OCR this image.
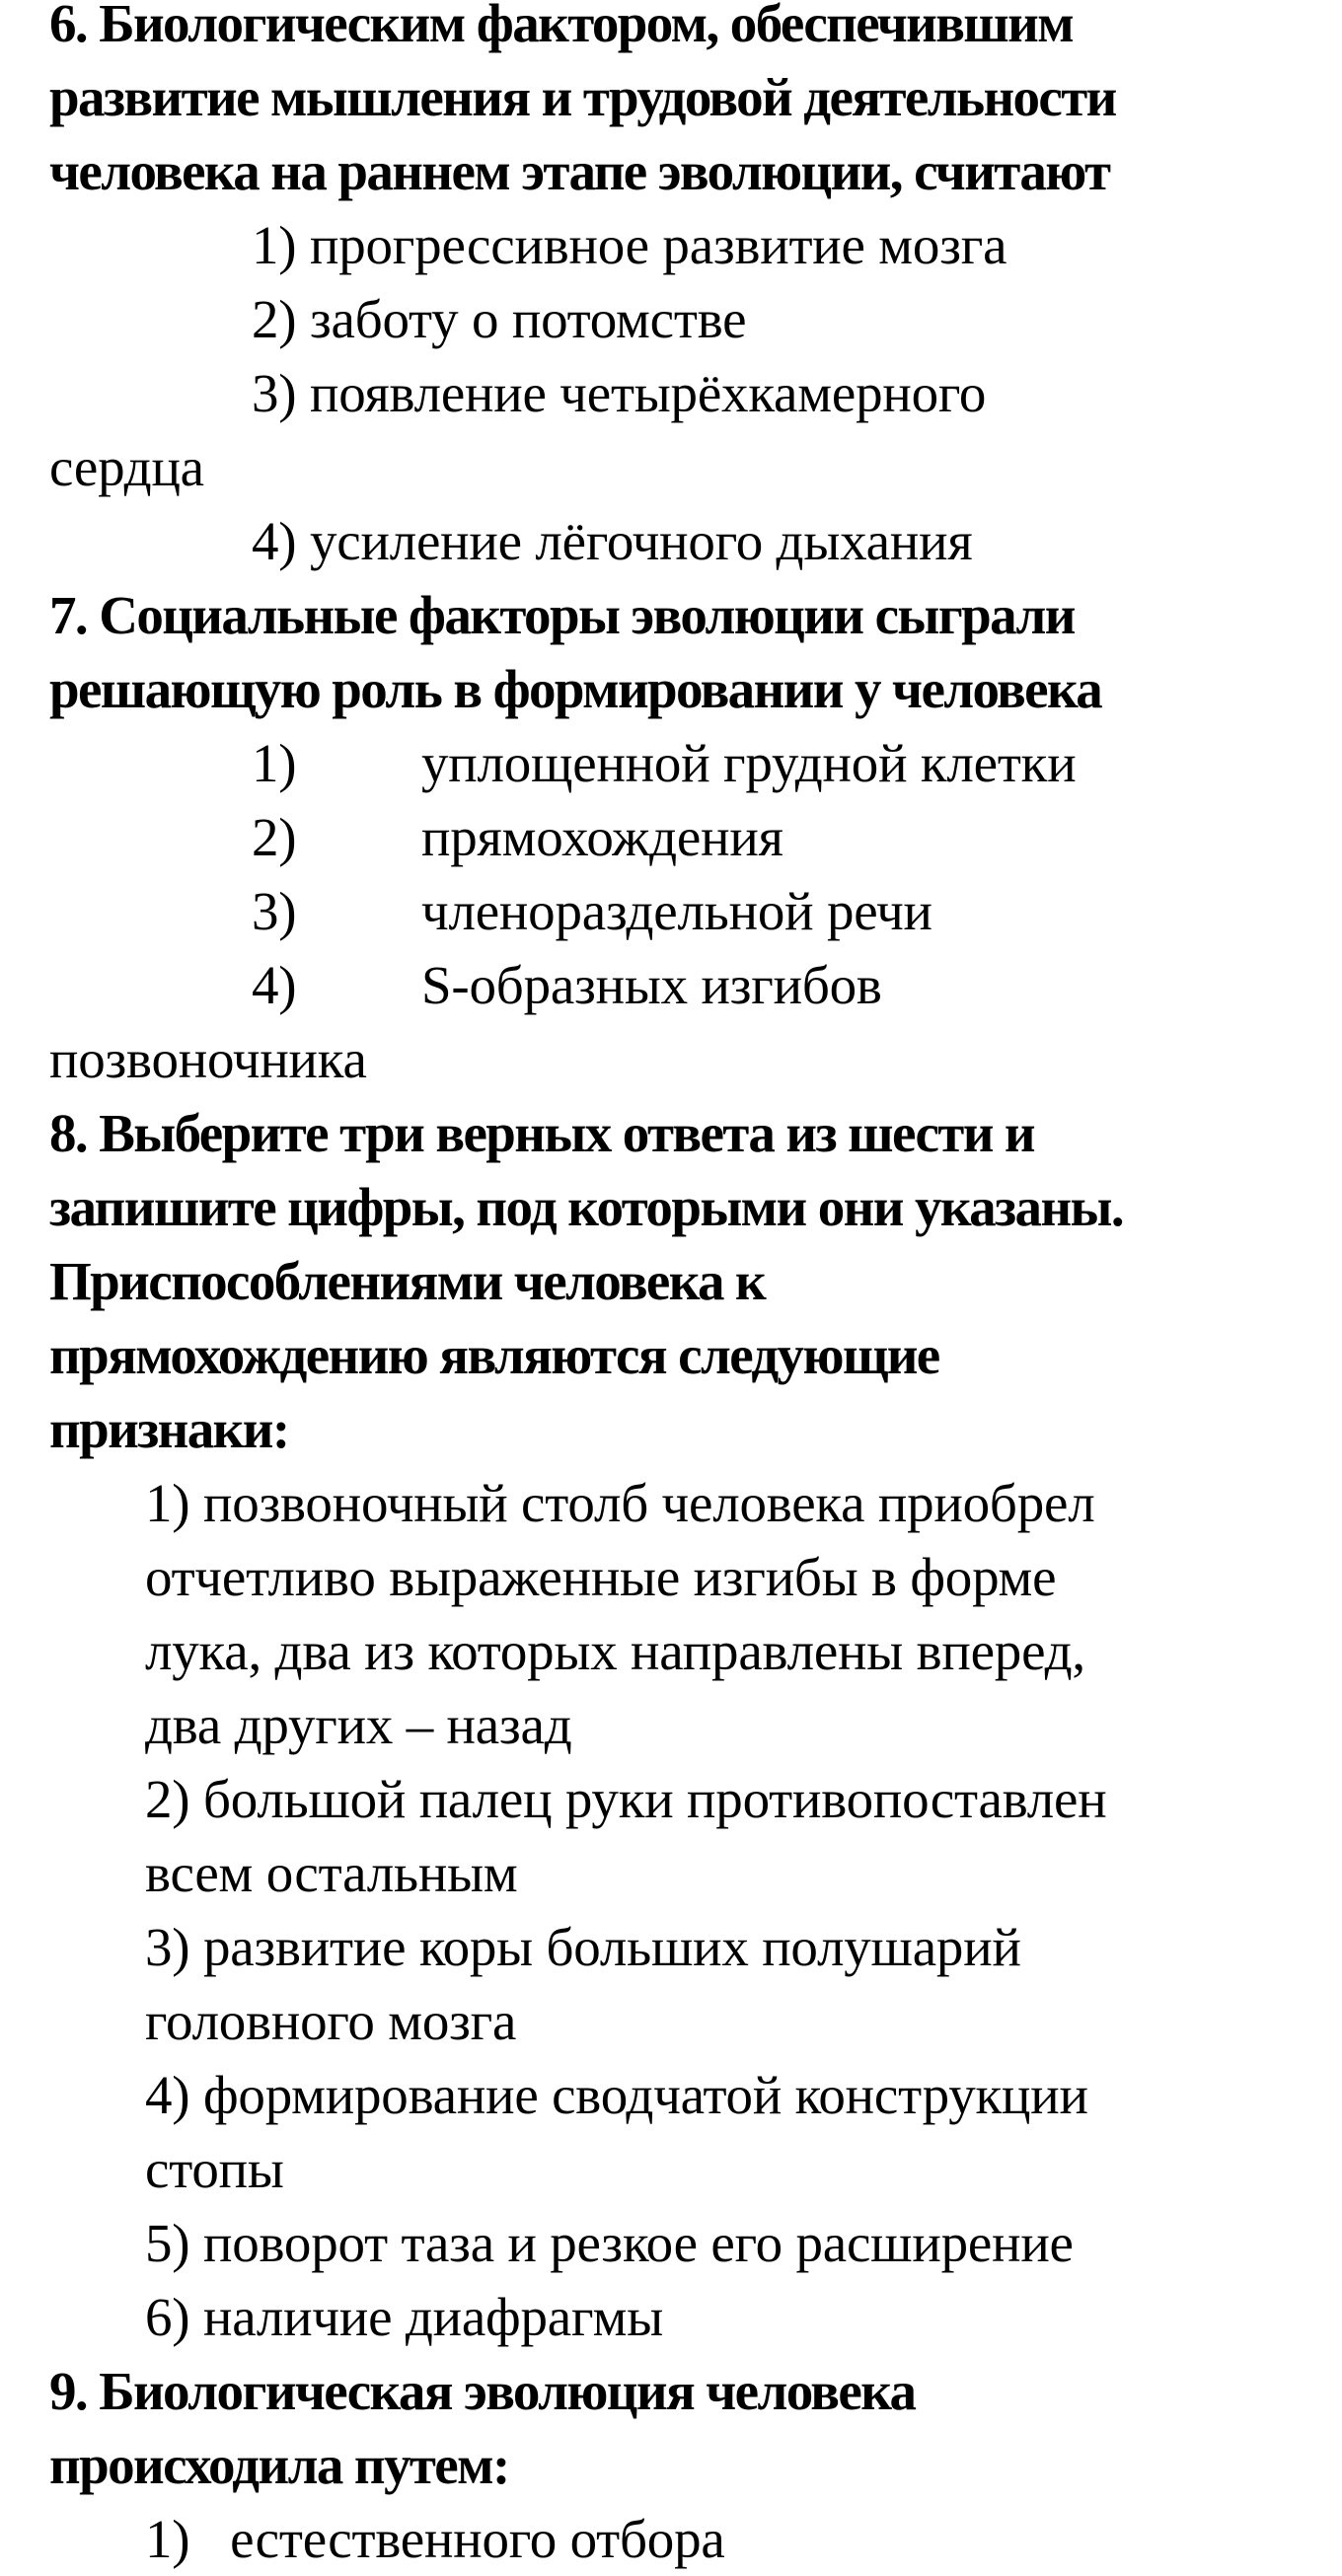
6. Биологическим фактором, обеспечившим
развитие мышления и трудовой деятельности
человека на раннем этапе эволюции, считают

1) прогрессивное развитие мозга

2) заботу о потомстве

3) появление четырёхкамерного

сердца

4) усиление лёгочного дыхания

7. Социальные факторы эволюции сыграли
решающую роль в формировании у человека

1) уплощенной грудной клетки

2) прямохождения

3) членораздельной речи

4) S-образных изгибов

позвоночника

8. Выберите три верных ответа из шести и
запишите цифры, под которыми они указаны.
Приспособлениями человека к
прямохождению являются следующие
признаки:

1) позвоночный столб человека приобрел
отчетливо выраженные изгибы в форме
лука, два из которых направлены вперед,
два других – назад

2) большой палец руки противопоставлен
всем остальным

3) развитие коры больших полушарий
головного мозга

4) формирование сводчатой конструкции
стопы

5) поворот таза и резкое его расширение

6) наличие диафрагмы

9. Биологическая эволюция человека
происходила путем:

1)   естественного отбора
